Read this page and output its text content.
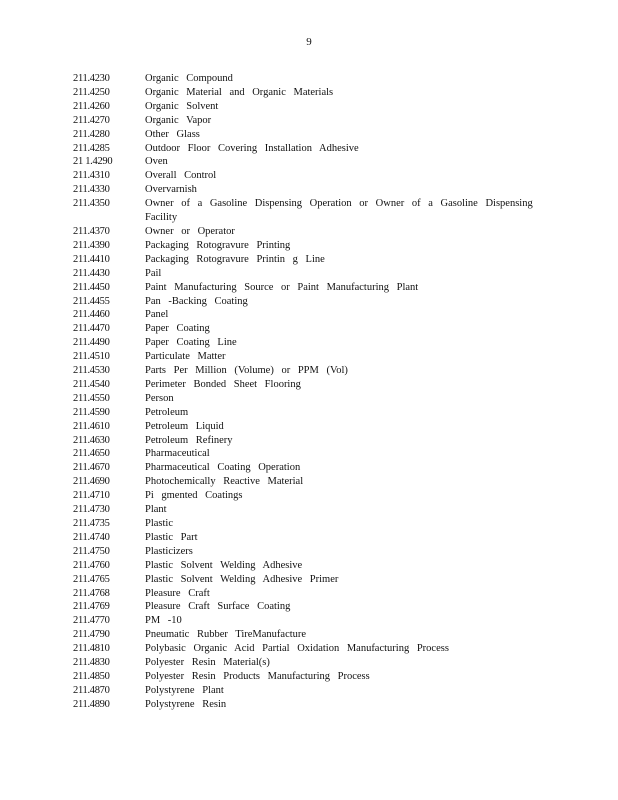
9
211.4230	Organic Compound
211.4250	Organic Material and Organic Materials
211.4260	Organic Solvent
211.4270	Organic Vapor
211.4280	Other Glass
211.4285	Outdoor Floor Covering Installation Adhesive
21 1.4290	Oven
211.4310	Overall Control
211.4330	Overvarnish
211.4350	Owner of a Gasoline Dispensing Operation or Owner of a Gasoline Dispensing Facility
211.4370	Owner or Operator
211.4390	Packaging Rotogravure Printing
211.4410	Packaging Rotogravure Printin g Line
211.4430	Pail
211.4450	Paint Manufacturing Source or Paint Manufacturing Plant
211.4455	Pan -Backing Coating
211.4460	Panel
211.4470	Paper Coating
211.4490	Paper Coating Line
211.4510	Particulate Matter
211.4530	Parts Per Million (Volume) or PPM (Vol)
211.4540	Perimeter Bonded Sheet Flooring
211.4550	Person
211.4590	Petroleum
211.4610	Petroleum Liquid
211.4630	Petroleum Refinery
211.4650	Pharmaceutical
211.4670	Pharmaceutical Coating Operation
211.4690	Photochemically Reactive Material
211.4710	Pi gmented Coatings
211.4730	Plant
211.4735	Plastic
211.4740	Plastic Part
211.4750	Plasticizers
211.4760	Plastic Solvent Welding Adhesive
211.4765	Plastic Solvent Welding Adhesive Primer
211.4768	Pleasure Craft
211.4769	Pleasure Craft Surface Coating
211.4770	PM -10
211.4790	Pneumatic Rubber TireManufacture
211.4810	Polybasic Organic Acid Partial Oxidation Manufacturing Process
211.4830	Polyester Resin Material(s)
211.4850	Polyester Resin Products Manufacturing Process
211.4870	Polystyrene Plant
211.4890	Polystyrene Resin
